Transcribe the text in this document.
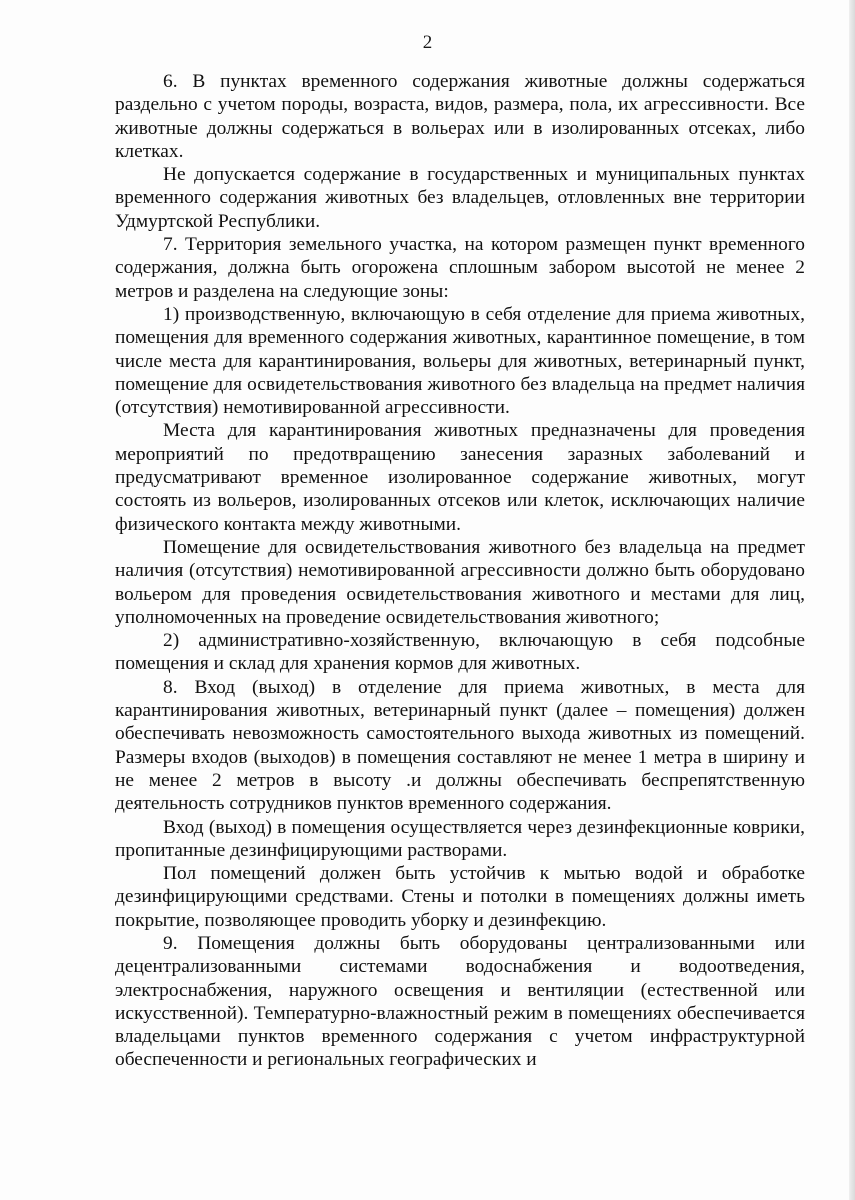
2

6. В пунктах временного содержания животные должны содержаться раздельно с учетом породы, возраста, видов, размера, пола, их агрессивности. Все животные должны содержаться в вольерах или в изолированных отсеках, либо клетках.

Не допускается содержание в государственных и муниципальных пунктах временного содержания животных без владельцев, отловленных вне территории Удмуртской Республики.

7. Территория земельного участка, на котором размещен пункт временного содержания, должна быть огорожена сплошным забором высотой не менее 2 метров и разделена на следующие зоны:

1) производственную, включающую в себя отделение для приема животных, помещения для временного содержания животных, карантинное помещение, в том числе места для карантинирования, вольеры для животных, ветеринарный пункт, помещение для освидетельствования животного без владельца на предмет наличия (отсутствия) немотивированной агрессивности.

Места для карантинирования животных предназначены для проведения мероприятий по предотвращению занесения заразных заболеваний и предусматривают временное изолированное содержание животных, могут состоять из вольеров, изолированных отсеков или клеток, исключающих наличие физического контакта между животными.

Помещение для освидетельствования животного без владельца на предмет наличия (отсутствия) немотивированной агрессивности должно быть оборудовано вольером для проведения освидетельствования животного и местами для лиц, уполномоченных на проведение освидетельствования животного;

2) административно-хозяйственную, включающую в себя подсобные помещения и склад для хранения кормов для животных.

8. Вход (выход) в отделение для приема животных, в места для карантинирования животных, ветеринарный пункт (далее – помещения) должен обеспечивать невозможность самостоятельного выхода животных из помещений. Размеры входов (выходов) в помещения составляют не менее 1 метра в ширину и не менее 2 метров в высоту .и должны обеспечивать беспрепятственную деятельность сотрудников пунктов временного содержания.

Вход (выход) в помещения осуществляется через дезинфекционные коврики, пропитанные дезинфицирующими растворами.

Пол помещений должен быть устойчив к мытью водой и обработке дезинфицирующими средствами. Стены и потолки в помещениях должны иметь покрытие, позволяющее проводить уборку и дезинфекцию.

9. Помещения должны быть оборудованы централизованными или децентрализованными системами водоснабжения и водоотведения, электроснабжения, наружного освещения и вентиляции (естественной или искусственной). Температурно-влажностный режим в помещениях обеспечивается владельцами пунктов временного содержания с учетом инфраструктурной обеспеченности и региональных географических и
